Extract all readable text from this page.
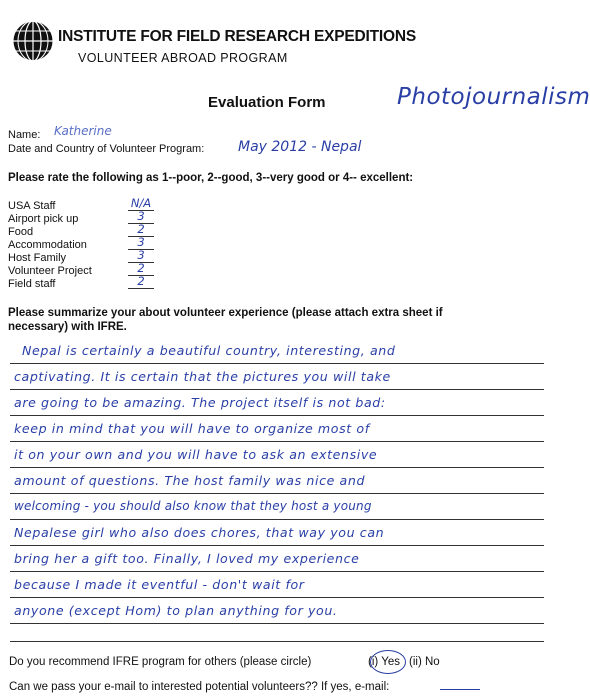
INSTITUTE FOR FIELD RESEARCH EXPEDITIONS
VOLUNTEER ABROAD PROGRAM
Evaluation Form	Photojournalism
Name: Katherine
Date and Country of Volunteer Program: May 2012 - Nepal
Please rate the following as 1--poor, 2--good, 3--very good or 4-- excellent:
USA Staff	N/A
Airport pick up	3
Food	2
Accommodation	3
Host Family	3
Volunteer Project	2
Field staff	2
Please summarize your about volunteer experience (please attach extra sheet if
necessary) with IFRE.
Nepal is certainly a beautiful country, interesting, and
captivating. It is certain that the pictures you will take
are going to be amazing. The project itself is not bad:
keep in mind that you will have to organize most of
it on your own and you will have to ask an extensive
amount of questions. The host family was nice and
welcoming - you should also know that they host a young
Nepalese girl who also does chores, that way you can
bring her a gift too. Finally, I loved my experience
because I made it eventful - don't wait for
anyone (except Hom) to plan anything for you.
Do you recommend IFRE program for others (please circle)	(i) Yes (ii) No
Can we pass your e-mail to interested potential volunteers?? If yes, e-mail:
